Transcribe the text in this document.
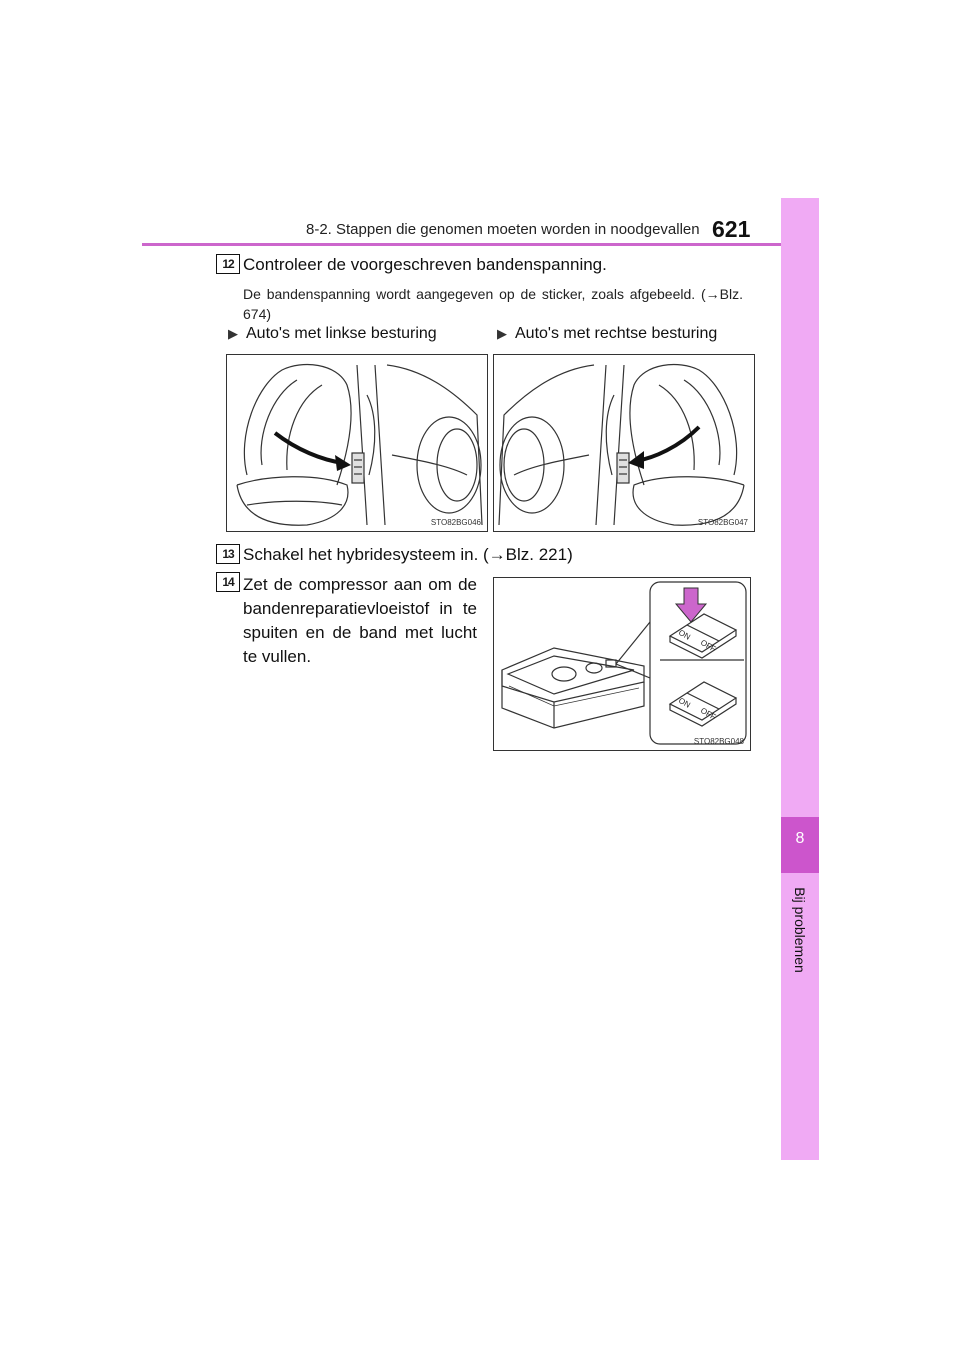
8-2. Stappen die genomen moeten worden in noodgevallen 621
8
Bij problemen
12 Controleer de voorgeschreven bandenspanning.
De bandenspanning wordt aangegeven op de sticker, zoals afgebeeld. (→Blz. 674)
▶ Auto's met linkse besturing	▶ Auto's met rechtse besturing
STO82BG046	STO82BG047
13 Schakel het hybridesysteem in. (→Blz. 221)
14 Zet de compressor aan om de bandenreparatievloeistof in te spuiten en de band met lucht te vullen.
ON
OFF
ON
OFF
STO82BG048
